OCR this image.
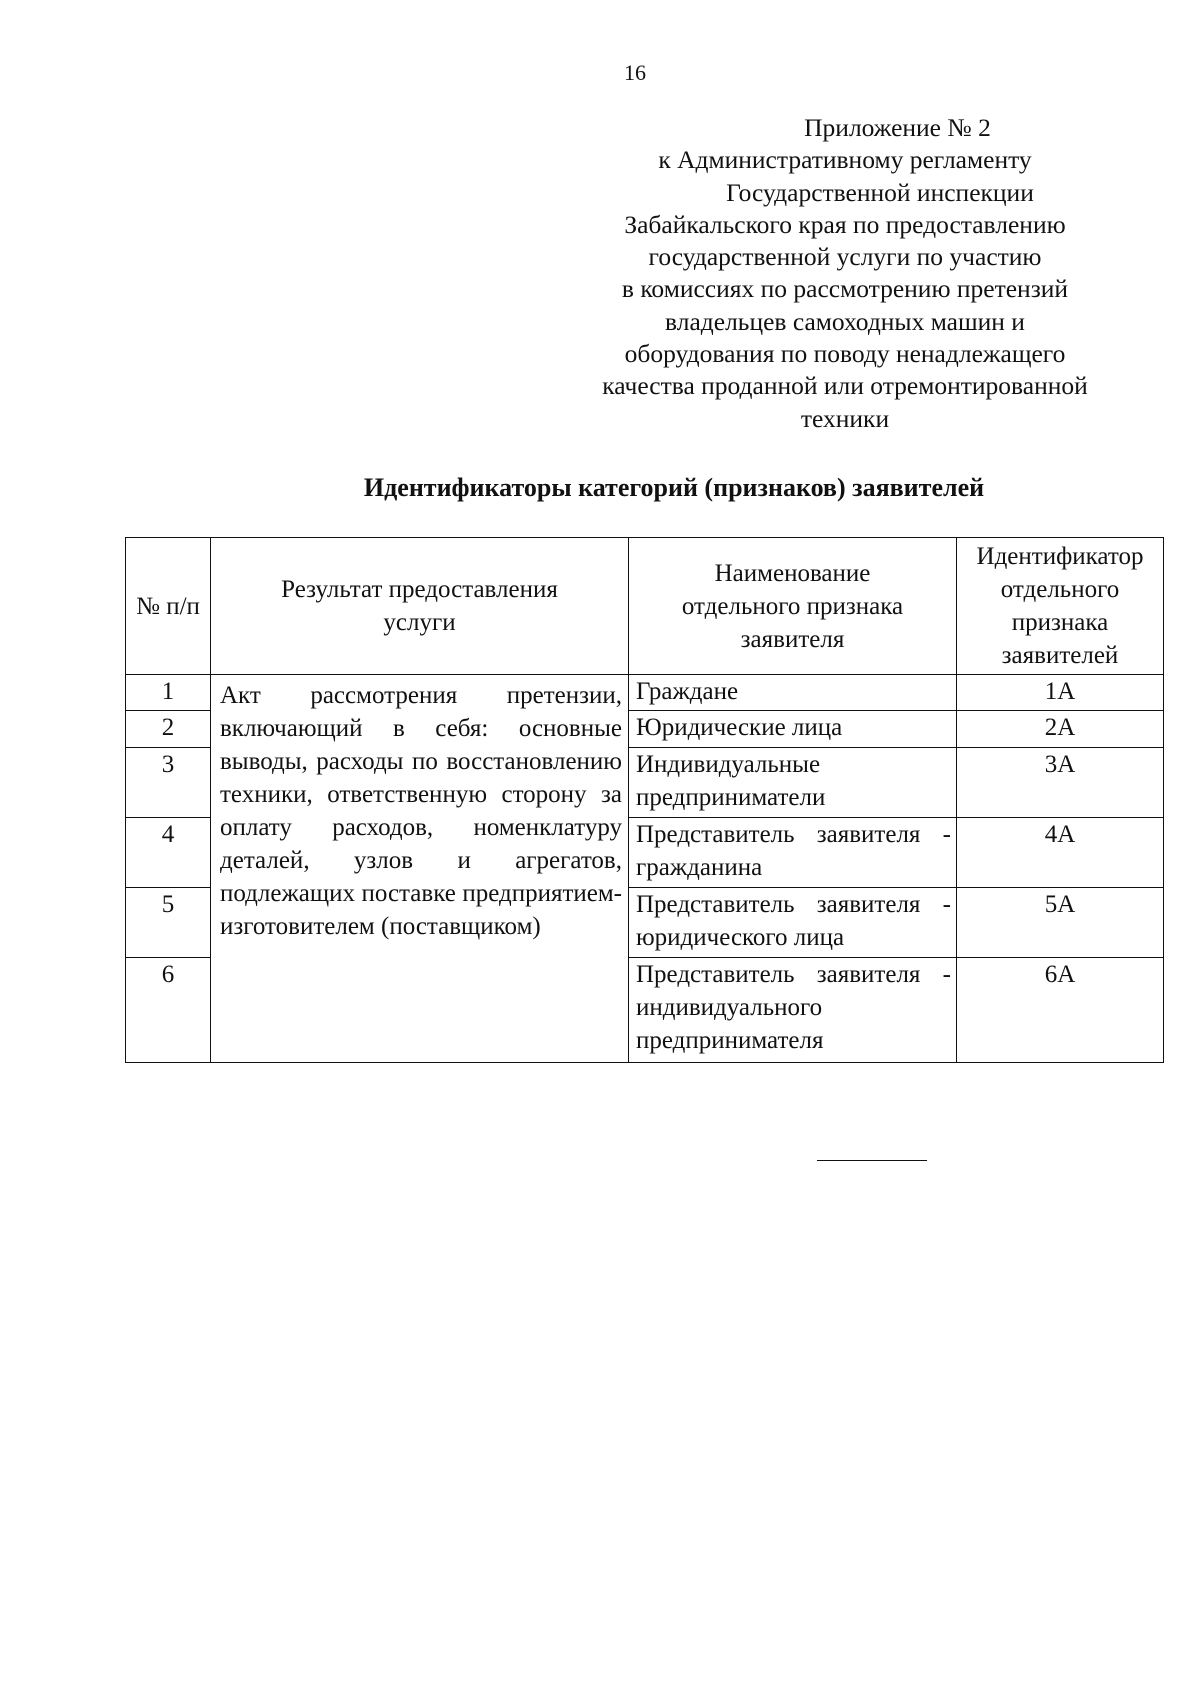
16
Приложение № 2
к Административному регламенту
Государственной инспекции
Забайкальского края по предоставлению
государственной услуги по участию
в комиссиях по рассмотрению претензий
владельцев самоходных машин и
оборудования по поводу ненадлежащего
качества проданной или отремонтированной
техники
Идентификаторы категорий (признаков) заявителей
№ п/п	Результат предоставления услуги	Наименование отдельного признака заявителя	Идентификатор отдельного признака заявителей
1	Акт рассмотрения претензии, включающий в себя: основные выводы, расходы по восстановлению техники, ответственную сторону за оплату расходов, номенклатуру деталей, узлов и агрегатов, подлежащих поставке предприятием-изготовителем (поставщиком)	Граждане	1А
2		Юридические лица	2А
3		Индивидуальные предприниматели	3А
4		Представитель заявителя - гражданина	4А
5		Представитель заявителя - юридического лица	5А
6		Представитель заявителя - индивидуального предпринимателя	6А
